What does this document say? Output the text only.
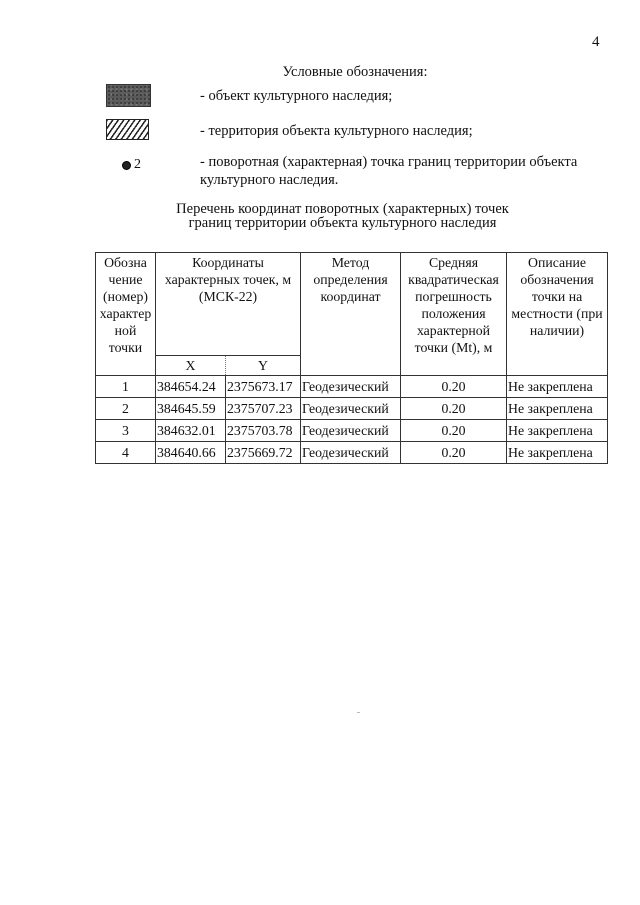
4
Условные обозначения:
- объект культурного наследия;
- территория объекта культурного наследия;
2	- поворотная (характерная) точка границ территории объекта культурного наследия.
Перечень координат поворотных (характерных) точек
границ территории объекта культурного наследия
Обозна чение (номер) характер ной точки	Координаты характерных точек, м (МСК-22)		Метод определения координат	Средняя квадратическая погрешность положения характерной точки (Mt), м	Описание обозначения точки на местности (при наличии)
	X	Y			
1	384654.24	2375673.17	Геодезический	0.20	Не закреплена
2	384645.59	2375707.23	Геодезический	0.20	Не закреплена
3	384632.01	2375703.78	Геодезический	0.20	Не закреплена
4	384640.66	2375669.72	Геодезический	0.20	Не закреплена
